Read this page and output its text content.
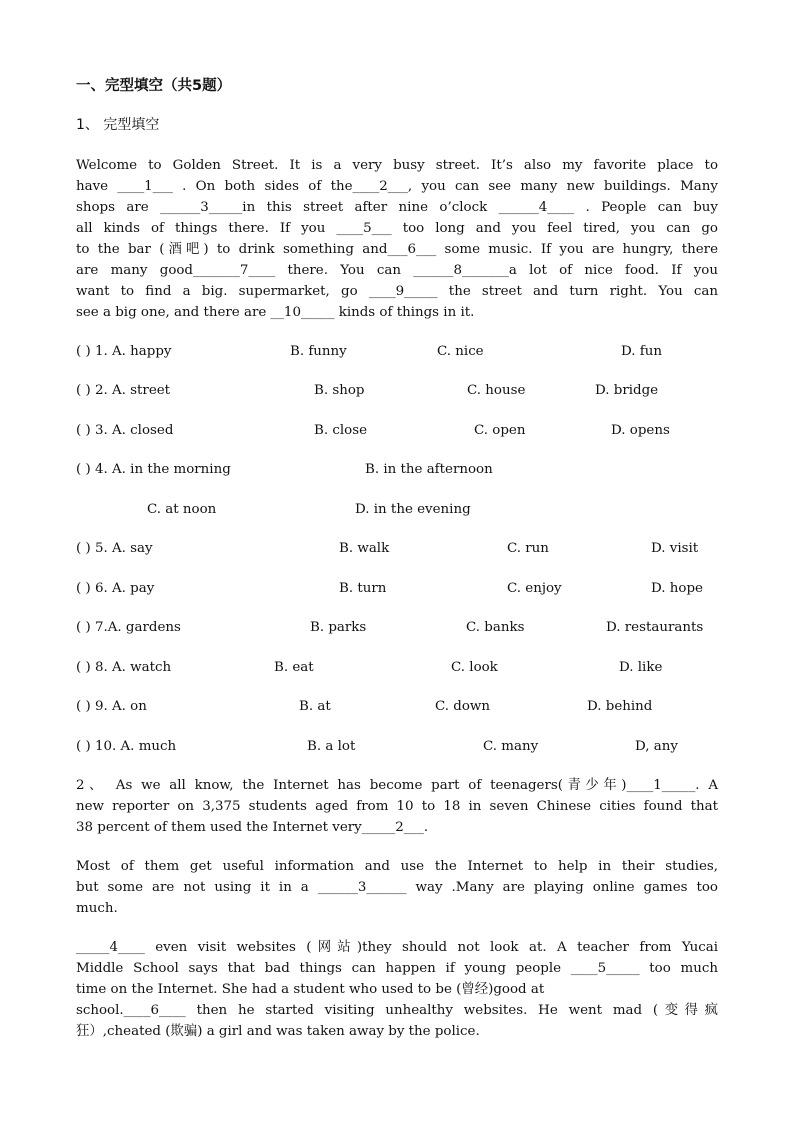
一、完型填空（共5题）
1、 完型填空
Welcome to Golden Street. It is a very busy street. It’s also my favorite place to
have ____1___ . On both sides of the____2___, you can see many new buildings. Many
shops are ______3_____in this street after nine o’clock ______4____ . People can buy
all kinds of things there. If you ____5___ too long and you feel tired, you can go
to the bar (酒吧) to drink something and___6___ some music. If you are hungry, there
are many good_______7____ there. You can ______8_______a lot of nice food. If you
want to find a big. supermarket, go ____9_____ the street and turn right. You can
see a big one, and there are __10_____ kinds of things in it.
( ) 1. A. happy	B. funny	C. nice	D. fun
( ) 2. A. street	B. shop	C. house	D. bridge
( ) 3. A. closed	B. close	C. open	D. opens
( ) 4. A. in the morning	B. in the afternoon
C. at noon	D. in the evening
( ) 5. A. say	B. walk	C. run	D. visit
( ) 6. A. pay	B. turn	C. enjoy	D. hope
( ) 7.A. gardens	B. parks	C. banks	D. restaurants
( ) 8. A. watch	B. eat	C. look	D. like
( ) 9. A. on	B. at	C. down	D. behind
( ) 10. A. much	B. a lot	C. many	D, any
2、 As we all know, the Internet has become part of teenagers(青少年)____1_____. A
new reporter on 3,375 students aged from 10 to 18 in seven Chinese cities found that
38 percent of them used the Internet very_____2___.
Most of them get useful information and use the Internet to help in their studies,
but some are not using it in a ______3______ way .Many are playing online games too
much.
_____4____ even visit websites (网站)they should not look at. A teacher from Yucai
Middle School says that bad things can happen if young people ____5_____ too much
time on the Internet. She had a student who used to be (曾经)good at
school.____6____ then he started visiting unhealthy websites. He went mad (变得疯
狂）,cheated (欺骗) a girl and was taken away by the police.
